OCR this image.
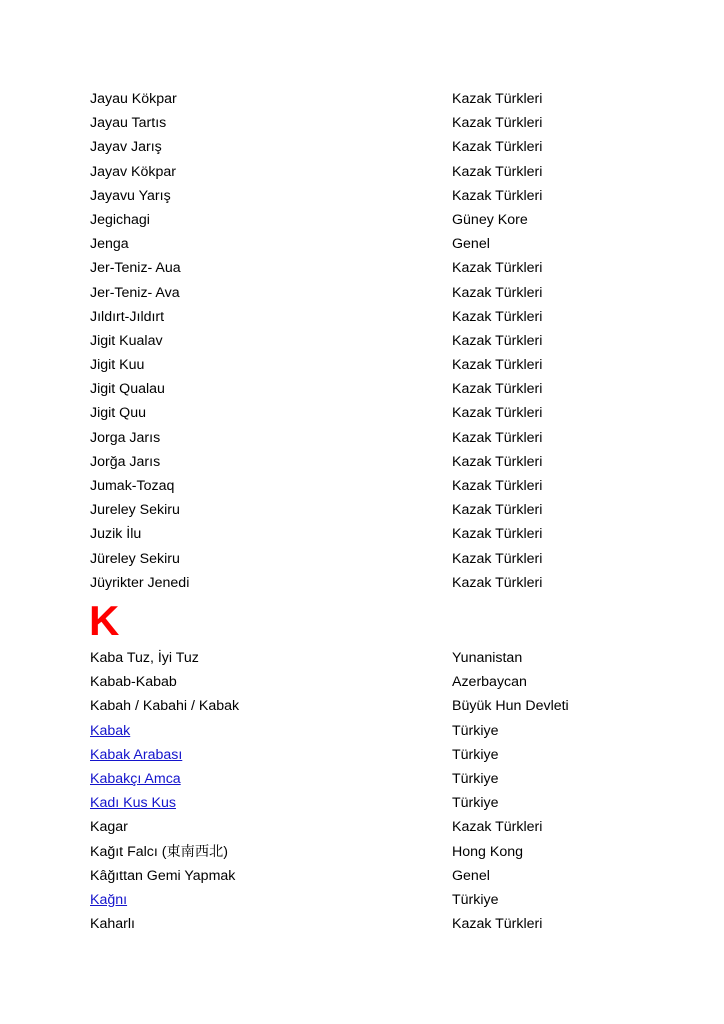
Jayau Kökpar	Kazak Türkleri
Jayau Tartıs	Kazak Türkleri
Jayav Jarış	Kazak Türkleri
Jayav Kökpar	Kazak Türkleri
Jayavu Yarış	Kazak Türkleri
Jegichagi	Güney Kore
Jenga	Genel
Jer-Teniz- Aua	Kazak Türkleri
Jer-Teniz- Ava	Kazak Türkleri
Jıldırt-Jıldırt	Kazak Türkleri
Jigit Kualav	Kazak Türkleri
Jigit Kuu	Kazak Türkleri
Jigit Qualau	Kazak Türkleri
Jigit Quu	Kazak Türkleri
Jorga Jarıs	Kazak Türkleri
Jorğa Jarıs	Kazak Türkleri
Jumak-Tozaq	Kazak Türkleri
Jureley Sekiru	Kazak Türkleri
Juzik İlu	Kazak Türkleri
Jüreley Sekiru	Kazak Türkleri
Jüyrikter Jenedi	Kazak Türkleri
K
Kaba Tuz, İyi Tuz	Yunanistan
Kabab-Kabab	Azerbaycan
Kabah / Kabahi / Kabak	Büyük Hun Devleti
Kabak	Türkiye
Kabak Arabası	Türkiye
Kabakçı Amca	Türkiye
Kadı Kus Kus	Türkiye
Kagar	Kazak Türkleri
Kağıt Falcı (東南西北)	Hong Kong
Kâğıttan Gemi Yapmak	Genel
Kağnı	Türkiye
Kaharlı	Kazak Türkleri
